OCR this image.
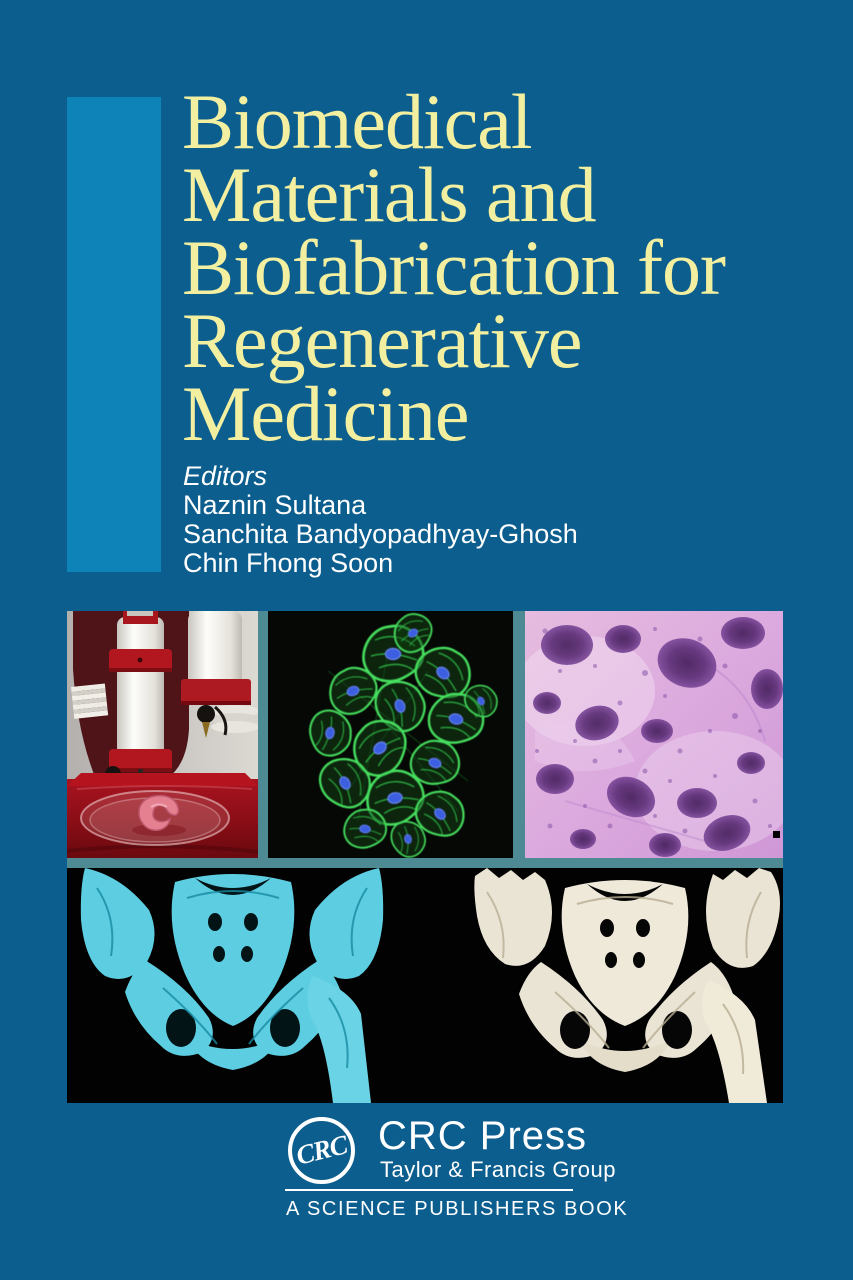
Biomedical
Materials and
Biofabrication for
Regenerative
Medicine
Editors
Naznin Sultana
Sanchita Bandyopadhyay-Ghosh
Chin Fhong Soon
CRC CRC Press
Taylor & Francis Group
A SCIENCE PUBLISHERS BOOK
